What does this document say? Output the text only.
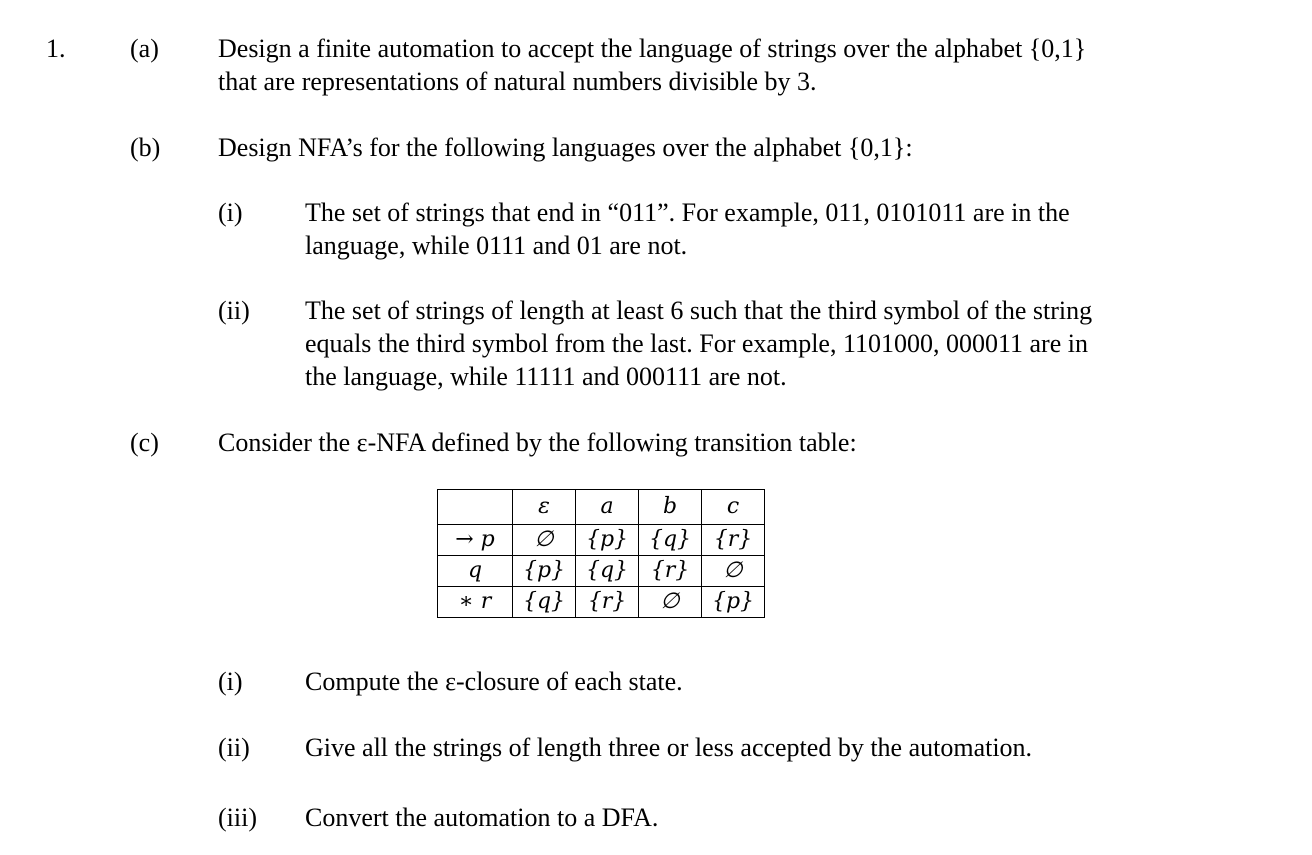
1. (a) Design a finite automation to accept the language of strings over the alphabet {0,1}
that are representations of natural numbers divisible by 3.
(b) Design NFA’s for the following languages over the alphabet {0,1}:
(i) The set of strings that end in “011”. For example, 011, 0101011 are in the
language, while 0111 and 01 are not.
(ii) The set of strings of length at least 6 such that the third symbol of the string
equals the third symbol from the last. For example, 1101000, 000011 are in
the language, while 11111 and 000111 are not.
(c) Consider the ε-NFA defined by the following transition table:
	ε	a	b	c
→ p	∅	{p}	{q}	{r}
q	{p}	{q}	{r}	∅
∗ r	{q}	{r}	∅	{p}
(i) Compute the ε-closure of each state.
(ii) Give all the strings of length three or less accepted by the automation.
(iii) Convert the automation to a DFA.
